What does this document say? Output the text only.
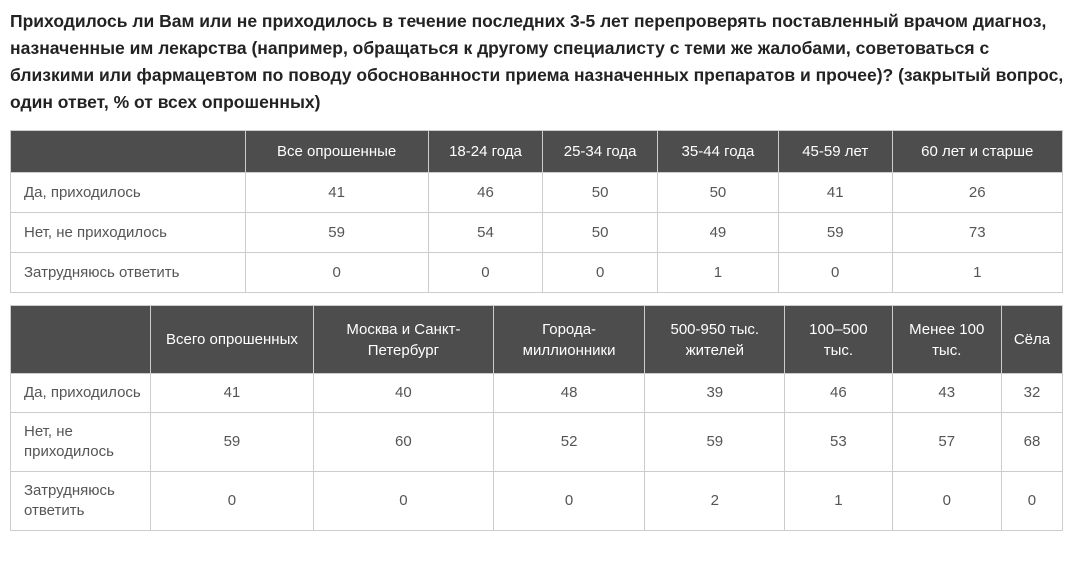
Приходилось ли Вам или не приходилось в течение последних 3-5 лет перепроверять поставленный врачом диагноз, назначенные им лекарства (например, обращаться к другому специалисту с теми же жалобами, советоваться с близкими или фармацевтом по поводу обоснованности приема назначенных препаратов и прочее)? (закрытый вопрос, один ответ, % от всех опрошенных)
	Все опрошенные	18-24 года	25-34 года	35-44 года	45-59 лет	60 лет и старше
Да, приходилось	41	46	50	50	41	26
Нет, не приходилось	59	54	50	49	59	73
Затрудняюсь ответить	0	0	0	1	0	1
	Всего опрошенных	Москва и Санкт-Петербург	Города-миллионники	500-950 тыс. жителей	100–500 тыс.	Менее 100 тыс.	Сёла
Да, приходилось	41	40	48	39	46	43	32
Нет, не приходилось	59	60	52	59	53	57	68
Затрудняюсь ответить	0	0	0	2	1	0	0
